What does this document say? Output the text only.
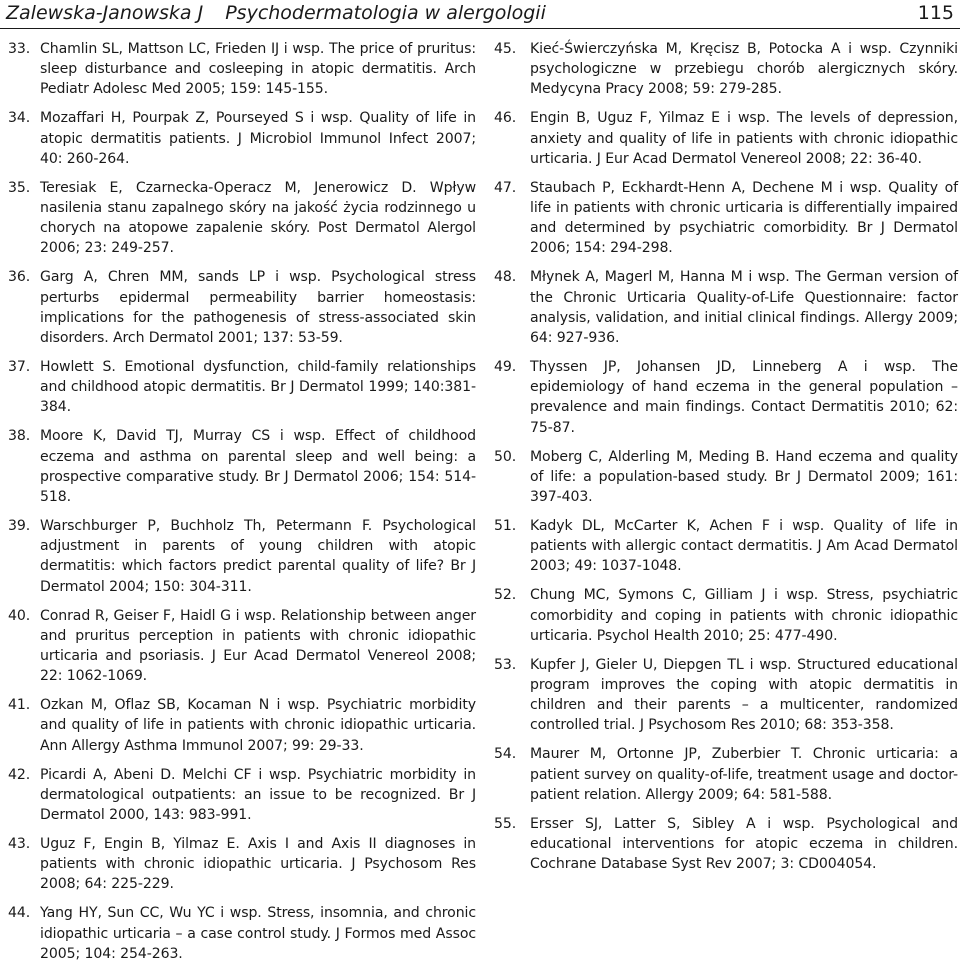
Zalewska-Janowska J Psychodermatologia w alergologii	115
33. Chamlin SL, Mattson LC, Frieden IJ i wsp. The price of pruritus: sleep disturbance and cosleeping in atopic dermatitis. Arch Pediatr Adolesc Med 2005; 159: 145-155.
34. Mozaffari H, Pourpak Z, Pourseyed S i wsp. Quality of life in atopic dermatitis patients. J Microbiol Immunol Infect 2007; 40: 260-264.
35. Teresiak E, Czarnecka-Operacz M, Jenerowicz D. Wpływ nasilenia stanu zapalnego skóry na jakość życia rodzinnego u chorych na atopowe zapalenie skóry. Post Dermatol Alergol 2006; 23: 249-257.
36. Garg A, Chren MM, sands LP i wsp. Psychological stress perturbs epidermal permeability barrier homeostasis: implications for the pathogenesis of stress-associated skin disorders. Arch Dermatol 2001; 137: 53-59.
37. Howlett S. Emotional dysfunction, child-family relationships and childhood atopic dermatitis. Br J Dermatol 1999; 140:381-384.
38. Moore K, David TJ, Murray CS i wsp. Effect of childhood eczema and asthma on parental sleep and well being: a prospective comparative study. Br J Dermatol 2006; 154: 514-518.
39. Warschburger P, Buchholz Th, Petermann F. Psychological adjustment in parents of young children with atopic dermatitis: which factors predict parental quality of life? Br J Dermatol 2004; 150: 304-311.
40. Conrad R, Geiser F, Haidl G i wsp. Relationship between anger and pruritus perception in patients with chronic idiopathic urticaria and psoriasis. J Eur Acad Dermatol Venereol 2008; 22: 1062-1069.
41. Ozkan M, Oflaz SB, Kocaman N i wsp. Psychiatric morbidity and quality of life in patients with chronic idiopathic urticaria. Ann Allergy Asthma Immunol 2007; 99: 29-33.
42. Picardi A, Abeni D. Melchi CF i wsp. Psychiatric morbidity in dermatological outpatients: an issue to be recognized. Br J Dermatol 2000, 143: 983-991.
43. Uguz F, Engin B, Yilmaz E. Axis I and Axis II diagnoses in patients with chronic idiopathic urticaria. J Psychosom Res 2008; 64: 225-229.
44. Yang HY, Sun CC, Wu YC i wsp. Stress, insomnia, and chronic idiopathic urticaria – a case control study. J Formos med Assoc 2005; 104: 254-263.
45. Kieć-Świerczyńska M, Kręcisz B, Potocka A i wsp. Czynniki psychologiczne w przebiegu chorób alergicznych skóry. Medycyna Pracy 2008; 59: 279-285.
46. Engin B, Uguz F, Yilmaz E i wsp. The levels of depression, anxiety and quality of life in patients with chronic idiopathic urticaria. J Eur Acad Dermatol Venereol 2008; 22: 36-40.
47. Staubach P, Eckhardt-Henn A, Dechene M i wsp. Quality of life in patients with chronic urticaria is differentially impaired and determined by psychiatric comorbidity. Br J Dermatol 2006; 154: 294-298.
48. Młynek A, Magerl M, Hanna M i wsp. The German version of the Chronic Urticaria Quality-of-Life Questionnaire: factor analysis, validation, and initial clinical findings. Allergy 2009; 64: 927-936.
49. Thyssen JP, Johansen JD, Linneberg A i wsp. The epidemiology of hand eczema in the general population – prevalence and main findings. Contact Dermatitis 2010; 62: 75-87.
50. Moberg C, Alderling M, Meding B. Hand eczema and quality of life: a population-based study. Br J Dermatol 2009; 161: 397-403.
51. Kadyk DL, McCarter K, Achen F i wsp. Quality of life in patients with allergic contact dermatitis. J Am Acad Dermatol 2003; 49: 1037-1048.
52. Chung MC, Symons C, Gilliam J i wsp. Stress, psychiatric comorbidity and coping in patients with chronic idiopathic urticaria. Psychol Health 2010; 25: 477-490.
53. Kupfer J, Gieler U, Diepgen TL i wsp. Structured educational program improves the coping with atopic dermatitis in children and their parents – a multicenter, randomized controlled trial. J Psychosom Res 2010; 68: 353-358.
54. Maurer M, Ortonne JP, Zuberbier T. Chronic urticaria: a patient survey on quality-of-life, treatment usage and doctor-patient relation. Allergy 2009; 64: 581-588.
55. Ersser SJ, Latter S, Sibley A i wsp. Psychological and educational interventions for atopic eczema in children. Cochrane Database Syst Rev 2007; 3: CD004054.
